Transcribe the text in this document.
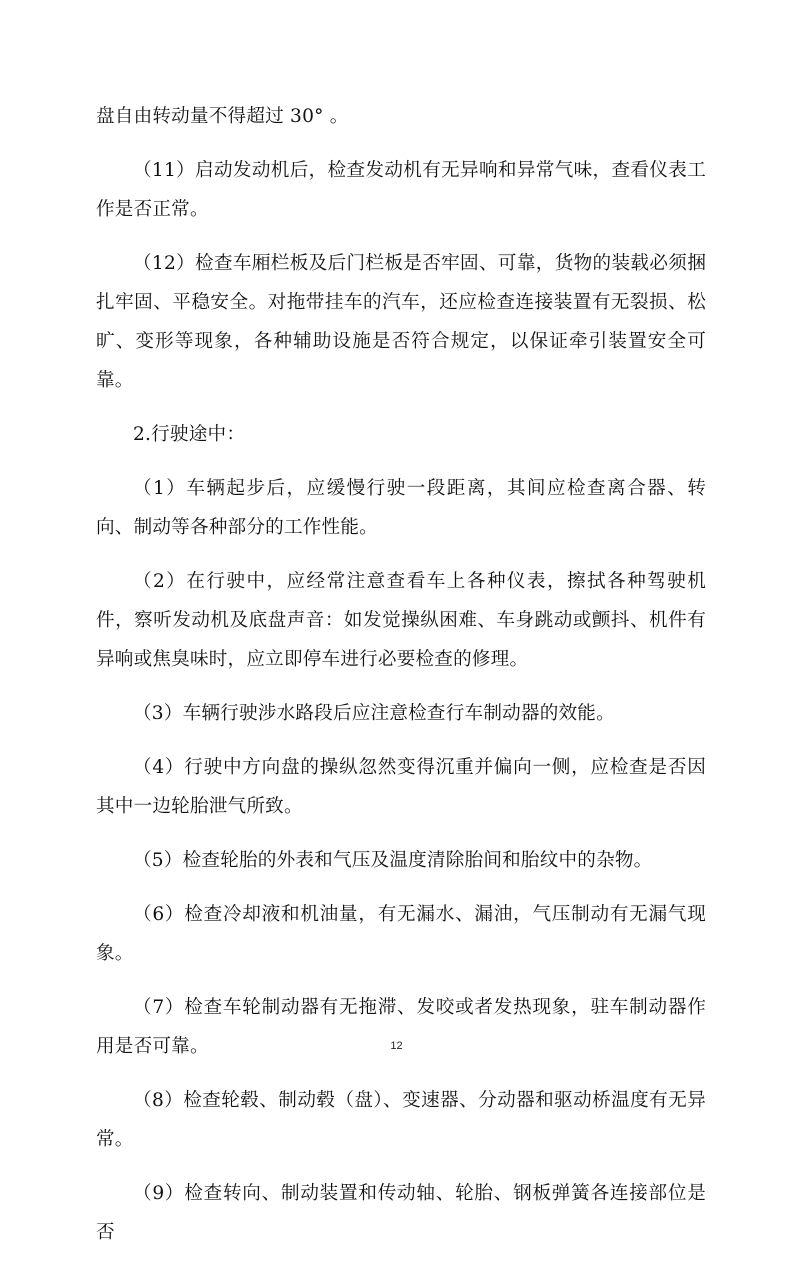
盘自由转动量不得超过 30° 。

（11）启动发动机后，检查发动机有无异响和异常气味，查看仪表工作是否正常。

（12）检查车厢栏板及后门栏板是否牢固、可靠，货物的装载必须捆扎牢固、平稳安全。对拖带挂车的汽车，还应检查连接装置有无裂损、松旷、变形等现象，各种辅助设施是否符合规定，以保证牵引装置安全可靠。

2.行驶途中：

（1）车辆起步后，应缓慢行驶一段距离，其间应检查离合器、转向、制动等各种部分的工作性能。

（2）在行驶中，应经常注意查看车上各种仪表，擦拭各种驾驶机件，察听发动机及底盘声音：如发觉操纵困难、车身跳动或颤抖、机件有异响或焦臭味时，应立即停车进行必要检查的修理。

（3）车辆行驶涉水路段后应注意检查行车制动器的效能。

（4）行驶中方向盘的操纵忽然变得沉重并偏向一侧，应检查是否因其中一边轮胎泄气所致。

（5）检查轮胎的外表和气压及温度清除胎间和胎纹中的杂物。

（6）检查冷却液和机油量，有无漏水、漏油，气压制动有无漏气现象。

（7）检查车轮制动器有无拖滞、发咬或者发热现象，驻车制动器作用是否可靠。

（8）检查轮毂、制动毂（盘）、变速器、分动器和驱动桥温度有无异常。

（9）检查转向、制动装置和传动轴、轮胎、钢板弹簧各连接部位是否

12
